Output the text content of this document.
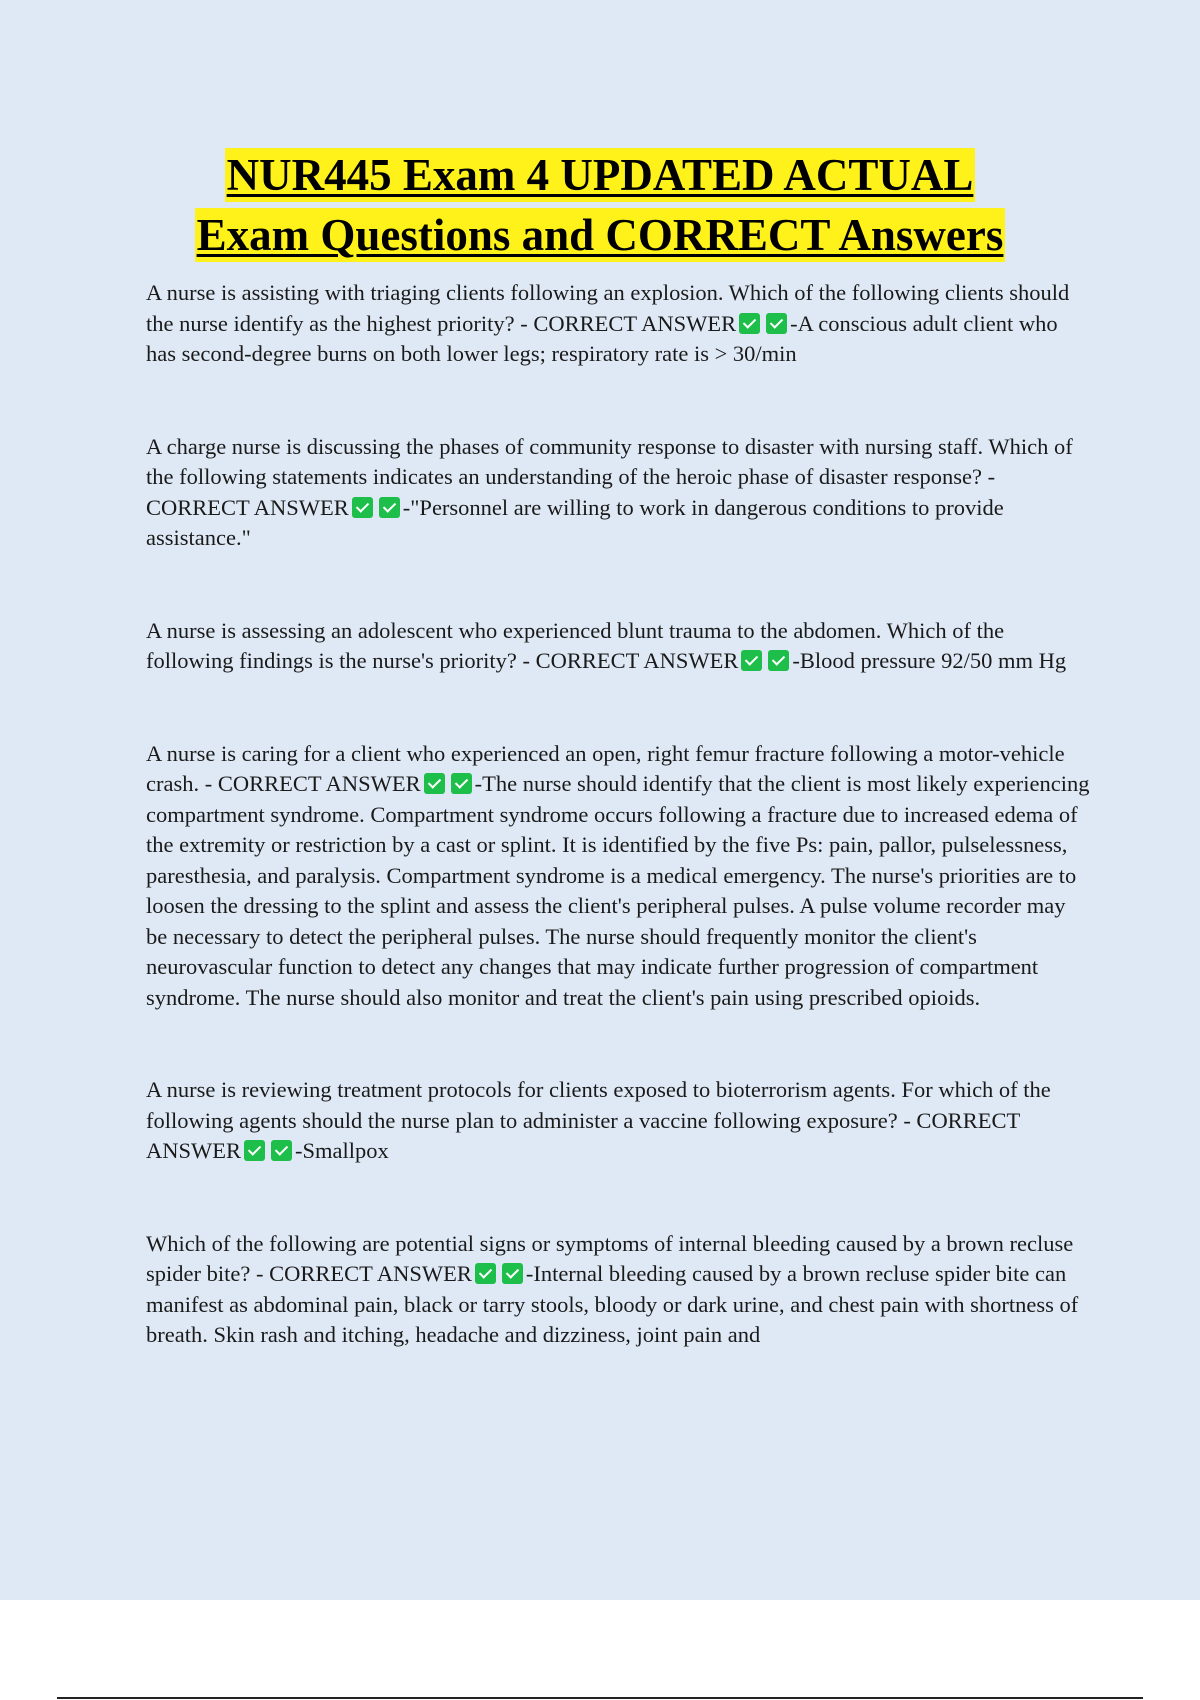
NUR445 Exam 4 UPDATED ACTUAL
Exam Questions and CORRECT Answers

A nurse is assisting with triaging clients following an explosion. Which of the following clients should the nurse identify as the highest priority? - CORRECT ANSWER -A conscious adult client who has second-degree burns on both lower legs; respiratory rate is > 30/min

A charge nurse is discussing the phases of community response to disaster with nursing staff. Which of the following statements indicates an understanding of the heroic phase of disaster response? - CORRECT ANSWER -"Personnel are willing to work in dangerous conditions to provide assistance."

A nurse is assessing an adolescent who experienced blunt trauma to the abdomen. Which of the following findings is the nurse's priority? - CORRECT ANSWER -Blood pressure 92/50 mm Hg

A nurse is caring for a client who experienced an open, right femur fracture following a motor-vehicle crash. - CORRECT ANSWER -The nurse should identify that the client is most likely experiencing compartment syndrome. Compartment syndrome occurs following a fracture due to increased edema of the extremity or restriction by a cast or splint. It is identified by the five Ps: pain, pallor, pulselessness, paresthesia, and paralysis. Compartment syndrome is a medical emergency. The nurse's priorities are to loosen the dressing to the splint and assess the client's peripheral pulses. A pulse volume recorder may be necessary to detect the peripheral pulses. The nurse should frequently monitor the client's neurovascular function to detect any changes that may indicate further progression of compartment syndrome. The nurse should also monitor and treat the client's pain using prescribed opioids.

A nurse is reviewing treatment protocols for clients exposed to bioterrorism agents. For which of the following agents should the nurse plan to administer a vaccine following exposure? - CORRECT ANSWER -Smallpox

Which of the following are potential signs or symptoms of internal bleeding caused by a brown recluse spider bite? - CORRECT ANSWER -Internal bleeding caused by a brown recluse spider bite can manifest as abdominal pain, black or tarry stools, bloody or dark urine, and chest pain with shortness of breath. Skin rash and itching, headache and dizziness, joint pain and
